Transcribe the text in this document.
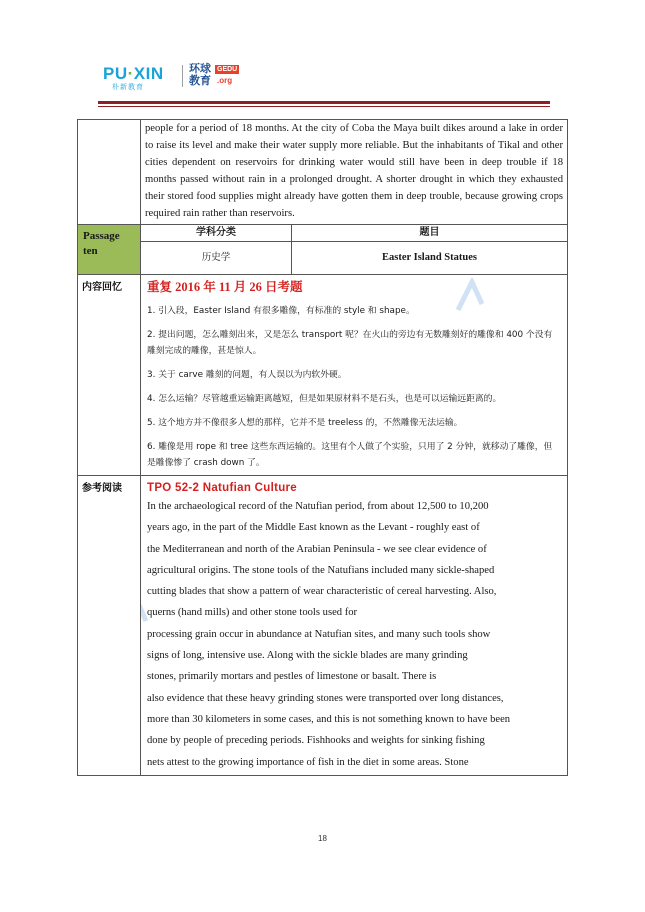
PU·XIN
朴新教育
环球
教育
GEDU
.org

people for a period of 18 months. At the city of Coba the Maya built dikes around a lake in order to raise its level and make their water supply more reliable. But the inhabitants of Tikal and other cities dependent on reservoirs for drinking water would still have been in deep trouble if 18 months passed without rain in a prolonged drought. A shorter drought in which they exhausted their stored food supplies might already have gotten them in deep trouble, because growing crops required rain rather than reservoirs.

Passage ten

学科分类	题目
历史学	Easter Island Statues

内容回忆	重复 2016 年 11 月 26 日考题

1. 引入段，Easter Island 有很多雕像，有标准的 style 和 shape。

2. 提出问题，怎么雕刻出来，又是怎么 transport 呢？在火山的旁边有无数雕刻好的雕像和 400 个没有雕刻完成的雕像，甚是惊人。

3. 关于 carve 雕刻的问题，有人误以为内软外硬。

4. 怎么运输？尽管越重运输距离越短，但是如果原材料不是石头，也是可以运输远距离的。

5. 这个地方并不像很多人想的那样，它并不是 treeless 的，不然雕像无法运输。

6. 雕像是用 rope 和 tree 这些东西运输的。这里有个人做了个实验，只用了 2 分钟，就移动了雕像，但是雕像惨了 crash down 了。

参考阅读	TPO 52-2 Natufian Culture
In the archaeological record of the Natufian period, from about 12,500 to 10,200
years ago, in the part of the Middle East known as the Levant - roughly east of
the Mediterranean and north of the Arabian Peninsula - we see clear evidence of
agricultural origins. The stone tools of the Natufians included many sickle-shaped
cutting blades that show a pattern of wear characteristic of cereal harvesting. Also,
querns (hand mills) and other stone tools used for
processing grain occur in abundance at Natufian sites, and many such tools show
signs of long, intensive use. Along with the sickle blades are many grinding
stones, primarily mortars and pestles of limestone or basalt. There is
also evidence that these heavy grinding stones were transported over long distances,
more than 30 kilometers in some cases, and this is not something known to have been
done by people of preceding periods. Fishhooks and weights for sinking fishing
nets attest to the growing importance of fish in the diet in some areas. Stone
18
